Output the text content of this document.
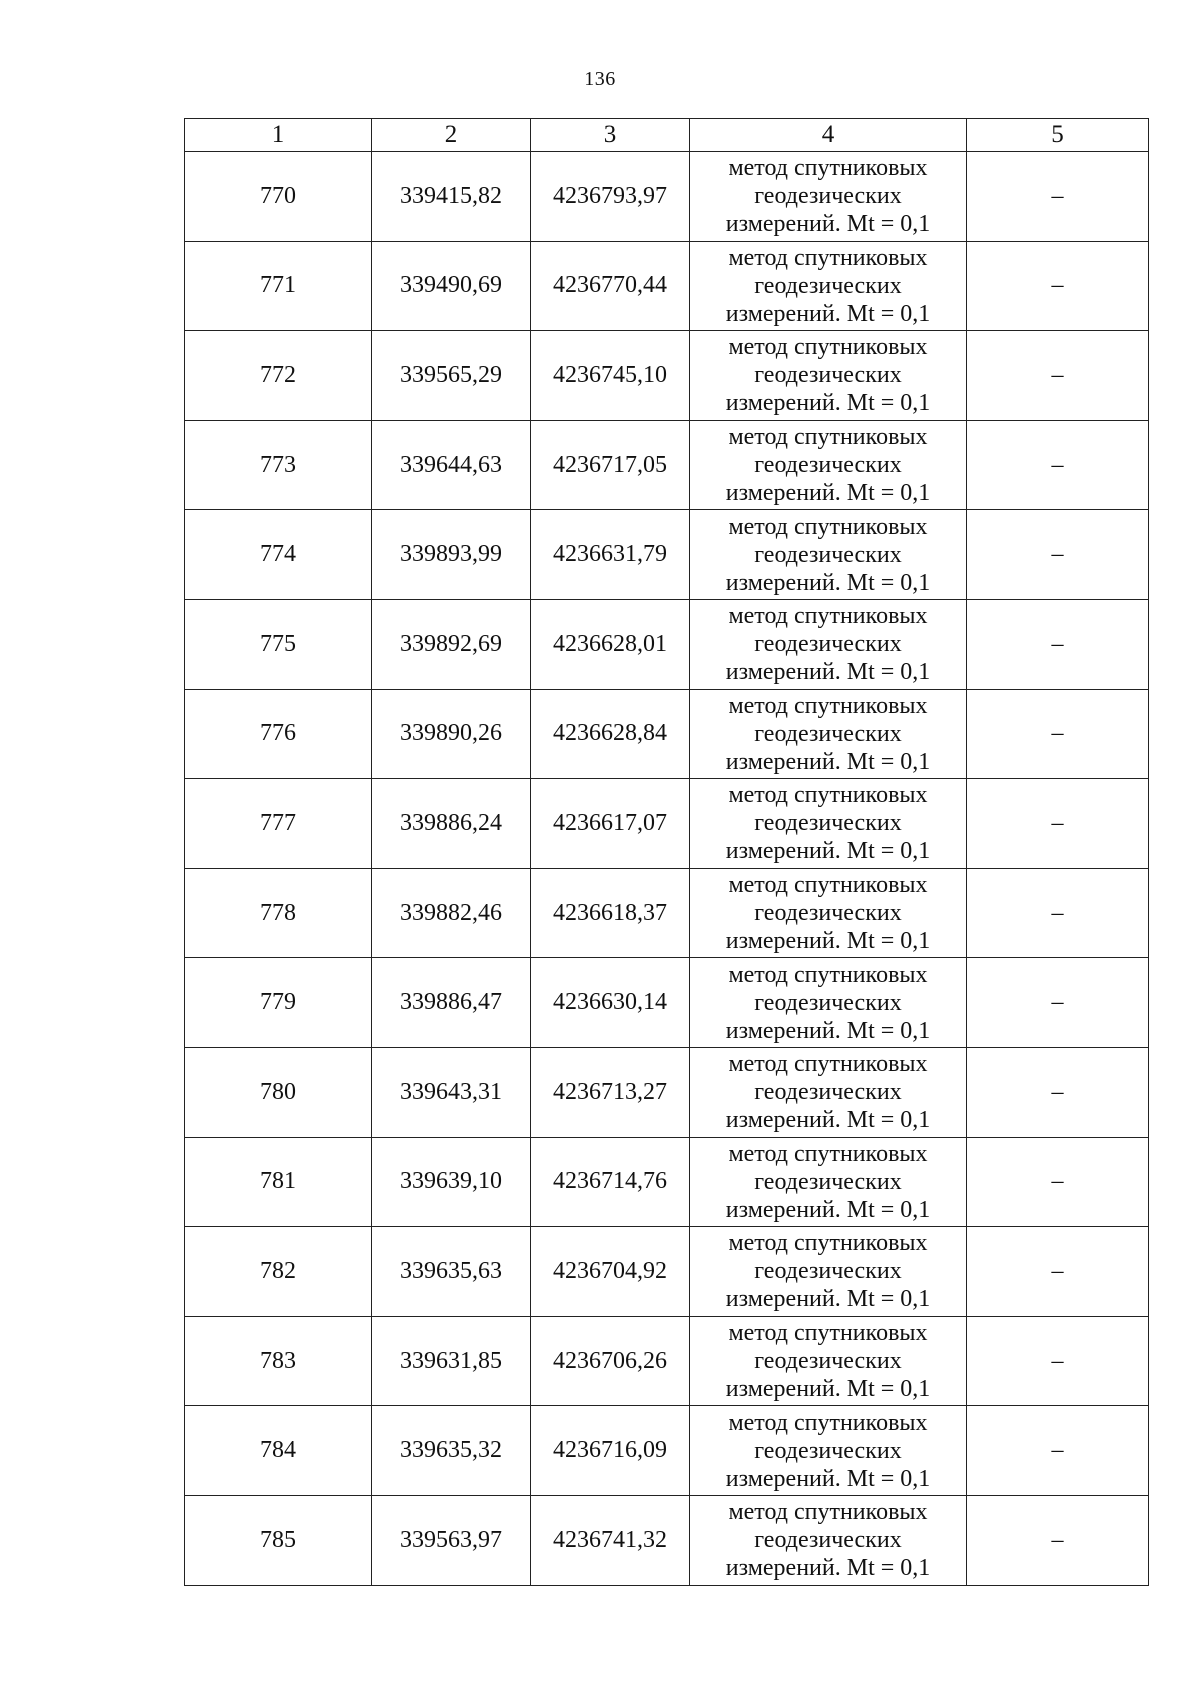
136
1	2	3	4	5
770	339415,82	4236793,97	метод спутниковых
геодезических
измерений. Mt = 0,1	–
771	339490,69	4236770,44	метод спутниковых
геодезических
измерений. Mt = 0,1	–
772	339565,29	4236745,10	метод спутниковых
геодезических
измерений. Mt = 0,1	–
773	339644,63	4236717,05	метод спутниковых
геодезических
измерений. Mt = 0,1	–
774	339893,99	4236631,79	метод спутниковых
геодезических
измерений. Mt = 0,1	–
775	339892,69	4236628,01	метод спутниковых
геодезических
измерений. Mt = 0,1	–
776	339890,26	4236628,84	метод спутниковых
геодезических
измерений. Mt = 0,1	–
777	339886,24	4236617,07	метод спутниковых
геодезических
измерений. Mt = 0,1	–
778	339882,46	4236618,37	метод спутниковых
геодезических
измерений. Mt = 0,1	–
779	339886,47	4236630,14	метод спутниковых
геодезических
измерений. Mt = 0,1	–
780	339643,31	4236713,27	метод спутниковых
геодезических
измерений. Mt = 0,1	–
781	339639,10	4236714,76	метод спутниковых
геодезических
измерений. Mt = 0,1	–
782	339635,63	4236704,92	метод спутниковых
геодезических
измерений. Mt = 0,1	–
783	339631,85	4236706,26	метод спутниковых
геодезических
измерений. Mt = 0,1	–
784	339635,32	4236716,09	метод спутниковых
геодезических
измерений. Mt = 0,1	–
785	339563,97	4236741,32	метод спутниковых
геодезических
измерений. Mt = 0,1	–
